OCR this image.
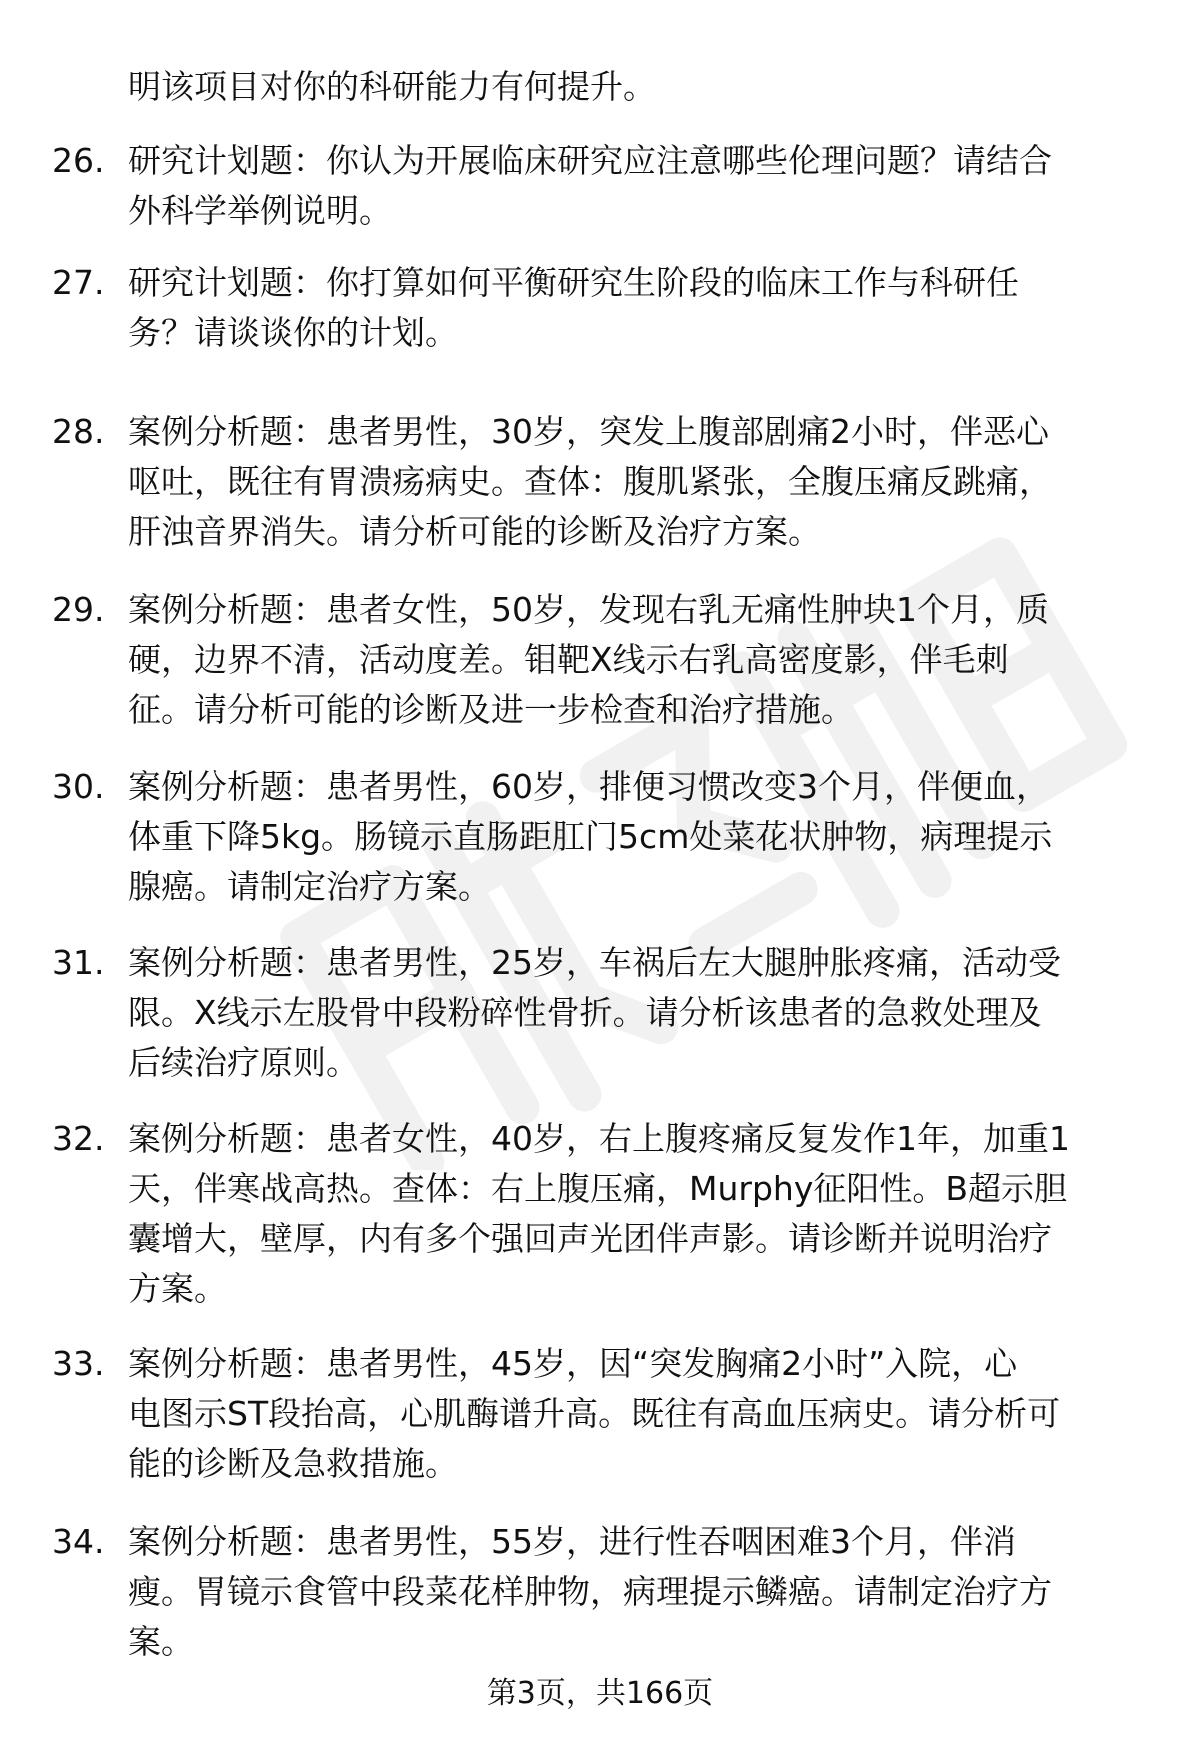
明该项目对你的科研能力有何提升。
26. 研究计划题：你认为开展临床研究应注意哪些伦理问题？请结合
外科学举例说明。
27. 研究计划题：你打算如何平衡研究生阶段的临床工作与科研任
务？请谈谈你的计划。
28. 案例分析题：患者男性，30岁，突发上腹部剧痛2小时，伴恶心
呕吐，既往有胃溃疡病史。查体：腹肌紧张，全腹压痛反跳痛，
肝浊音界消失。请分析可能的诊断及治疗方案。
29. 案例分析题：患者女性，50岁，发现右乳无痛性肿块1个月，质
硬，边界不清，活动度差。钼靶X线示右乳高密度影，伴毛刺
征。请分析可能的诊断及进一步检查和治疗措施。
30. 案例分析题：患者男性，60岁，排便习惯改变3个月，伴便血，
体重下降5kg。肠镜示直肠距肛门5cm处菜花状肿物，病理提示
腺癌。请制定治疗方案。
31. 案例分析题：患者男性，25岁，车祸后左大腿肿胀疼痛，活动受
限。X线示左股骨中段粉碎性骨折。请分析该患者的急救处理及
后续治疗原则。
32. 案例分析题：患者女性，40岁，右上腹疼痛反复发作1年，加重1
天，伴寒战高热。查体：右上腹压痛，Murphy征阳性。B超示胆
囊增大，壁厚，内有多个强回声光团伴声影。请诊断并说明治疗
方案。
33. 案例分析题：患者男性，45岁，因“突发胸痛2小时”入院，心
电图示ST段抬高，心肌酶谱升高。既往有高血压病史。请分析可
能的诊断及急救措施。
34. 案例分析题：患者男性，55岁，进行性吞咽困难3个月，伴消
瘦。胃镜示食管中段菜花样肿物，病理提示鳞癌。请制定治疗方
案。
第3页，共166页
